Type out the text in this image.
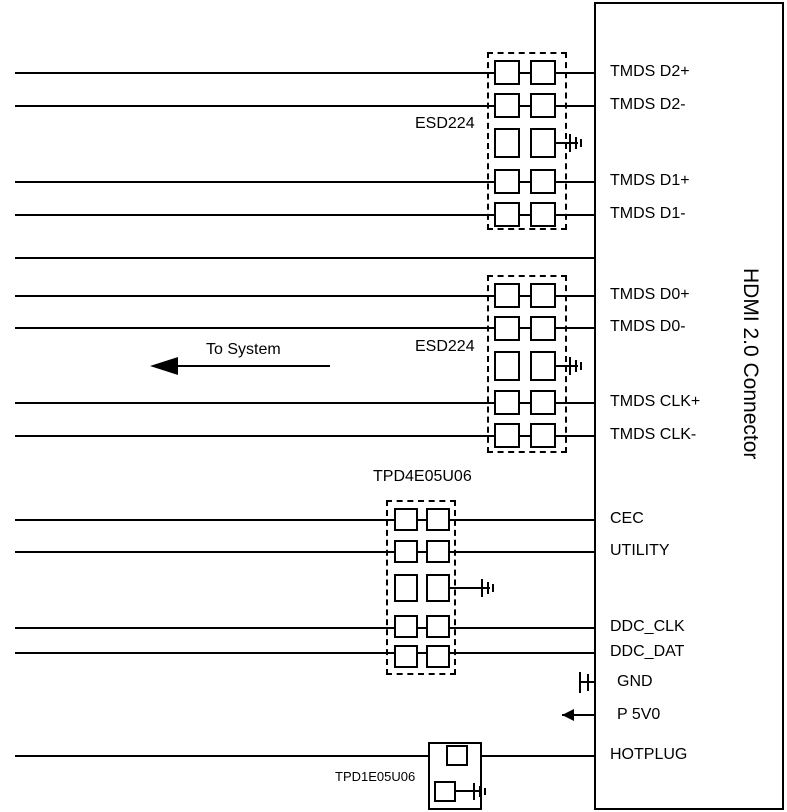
HDMI 2.0 Connector
ESD224
ESD224
TPD4E05U06
TPD1E05U06
To System
TMDS D2+
TMDS D2-
TMDS D1+
TMDS D1-
TMDS D0+
TMDS D0-
TMDS CLK+
TMDS CLK-
CEC
UTILITY
DDC_CLK
DDC_DAT
GND
P 5V0
HOTPLUG
